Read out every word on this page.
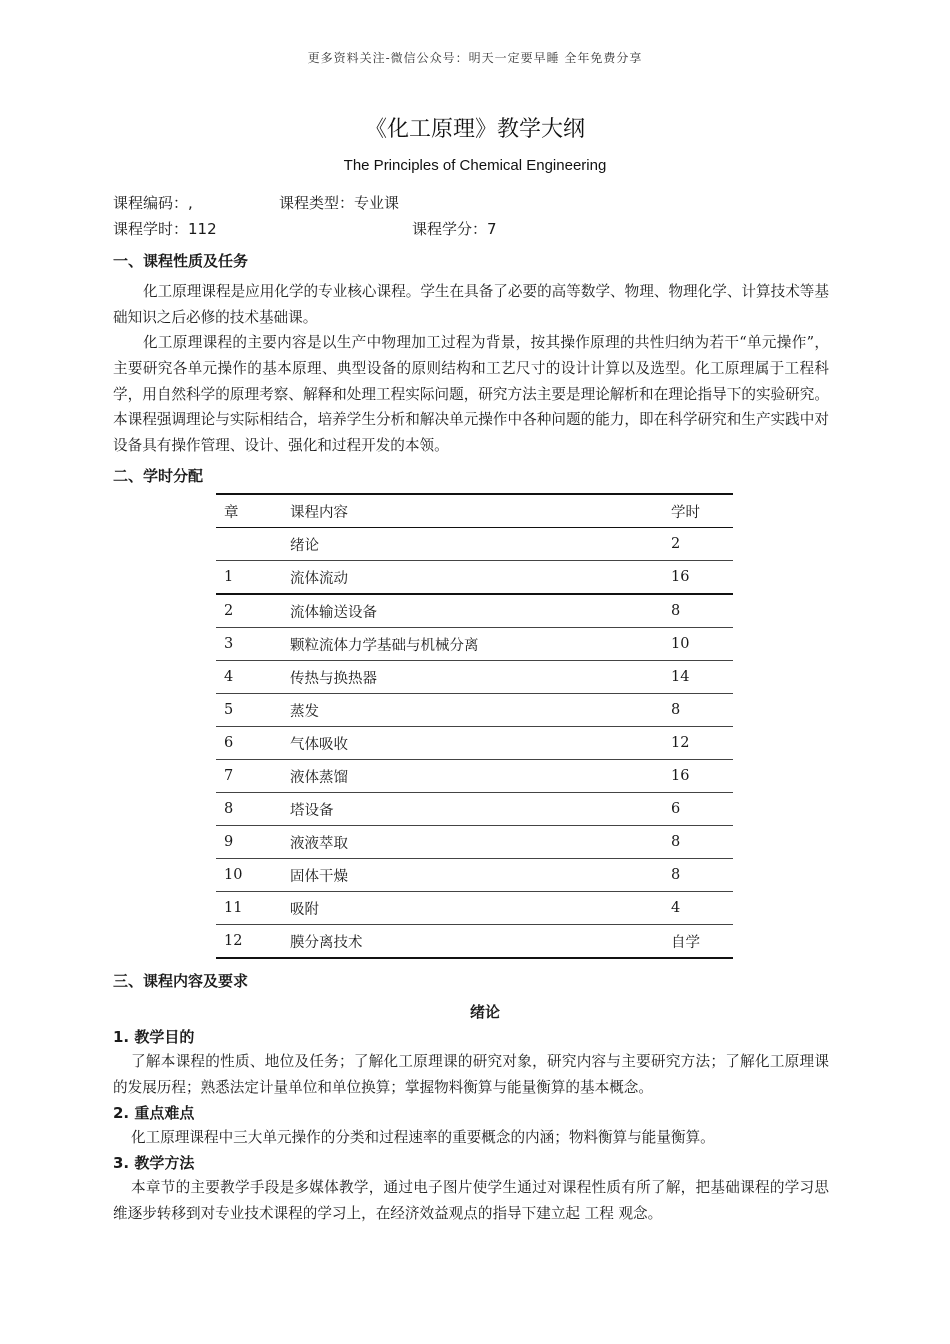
更多资料关注-微信公众号：明天一定要早睡 全年免费分享
《化工原理》教学大纲
The Principles of Chemical Engineering
课程编码：,	课程类型：专业课
课程学时：112	课程学分：7
一、课程性质及任务

化工原理课程是应用化学的专业核心课程。学生在具备了必要的高等数学、物理、物理化学、计算技术等基础知识之后必修的技术基础课。

化工原理课程的主要内容是以生产中物理加工过程为背景，按其操作原理的共性归纳为若干“单元操作”，主要研究各单元操作的基本原理、典型设备的原则结构和工艺尺寸的设计计算以及选型。化工原理属于工程科学，用自然科学的原理考察、解释和处理工程实际问题，研究方法主要是理论解析和在理论指导下的实验研究。本课程强调理论与实际相结合，培养学生分析和解决单元操作中各种问题的能力，即在科学研究和生产实践中对设备具有操作管理、设计、强化和过程开发的本领。

二、学时分配
章	课程内容	学时
	绪论	2
1	流体流动	16
2	流体输送设备	8
3	颗粒流体力学基础与机械分离	10
4	传热与换热器	14
5	蒸发	8
6	气体吸收	12
7	液体蒸馏	16
8	塔设备	6
9	液液萃取	8
10	固体干燥	8
11	吸附	4
12	膜分离技术	自学
三、课程内容及要求
绪论
1. 教学目的

了解本课程的性质、地位及任务；了解化工原理课的研究对象，研究内容与主要研究方法；了解化工原理课的发展历程；熟悉法定计量单位和单位换算；掌握物料衡算与能量衡算的基本概念。

2. 重点难点

化工原理课程中三大单元操作的分类和过程速率的重要概念的内涵；物料衡算与能量衡算。

3. 教学方法

本章节的主要教学手段是多媒体教学，通过电子图片使学生通过对课程性质有所了解，把基础课程的学习思维逐步转移到对专业技术课程的学习上，在经济效益观点的指导下建立起 工程 观念。
